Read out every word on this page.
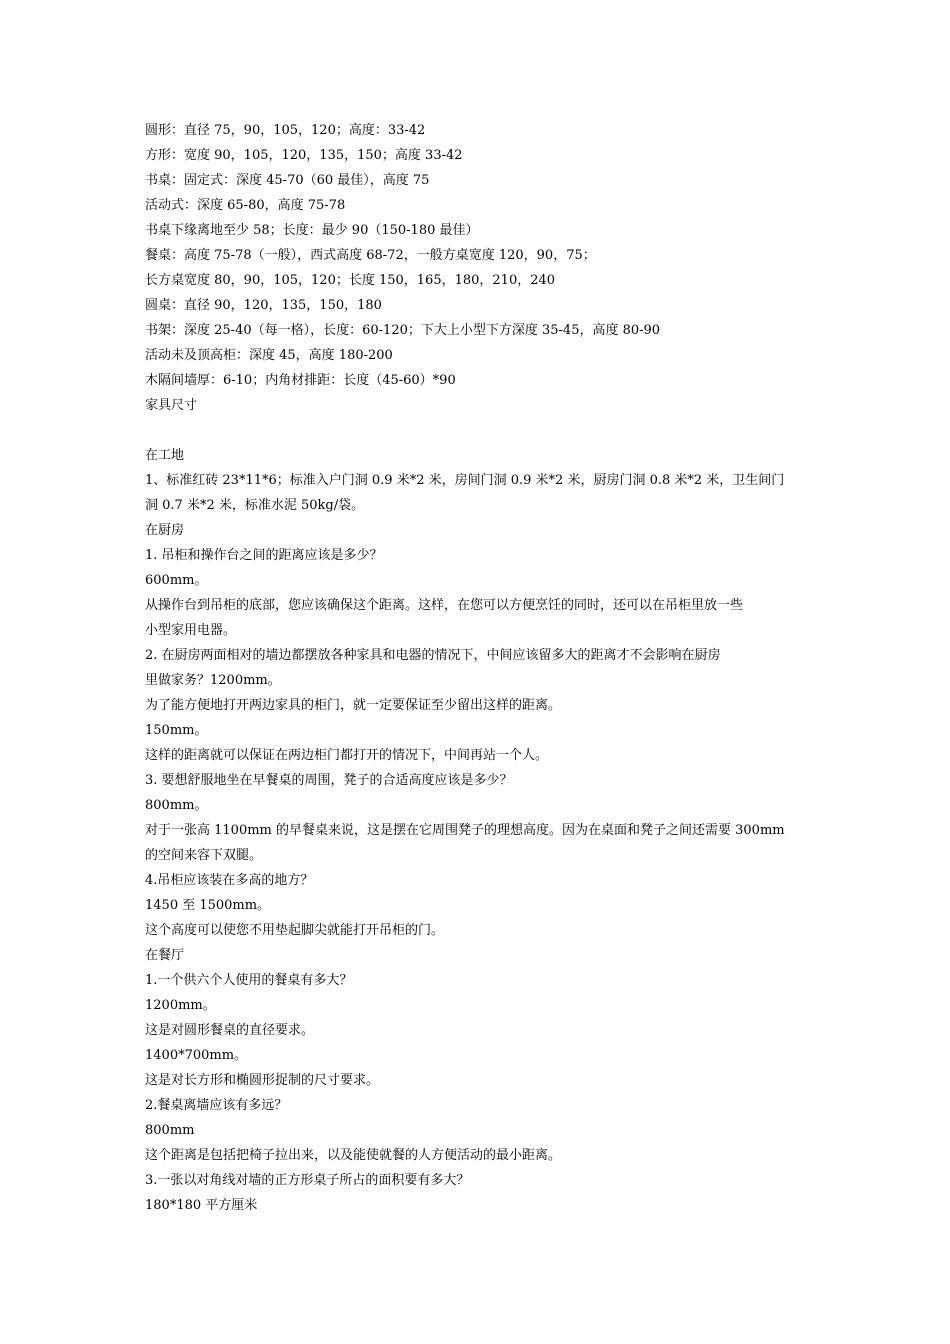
圆形：直径 75，90，105，120；高度：33-42
方形：宽度 90，105，120，135，150；高度 33-42
书桌：固定式：深度 45-70（60 最佳），高度 75
活动式：深度 65-80，高度 75-78
书桌下缘离地至少 58；长度：最少 90（150-180 最佳）
餐桌：高度 75-78（一般），西式高度 68-72，一般方桌宽度 120，90，75；
长方桌宽度 80，90，105，120；长度 150，165，180，210，240
圆桌：直径 90，120，135，150，180
书架：深度 25-40（每一格），长度：60-120；下大上小型下方深度 35-45，高度 80-90
活动未及顶高柜：深度 45，高度 180-200
木隔间墙厚：6-10；内角材排距：长度（45-60）*90
家具尺寸
在工地
1、标准红砖 23*11*6；标准入户门洞 0.9 米*2 米，房间门洞 0.9 米*2 米，厨房门洞 0.8 米*2 米，卫生间门
洞 0.7 米*2 米，标准水泥 50kg/袋。
在厨房
1. 吊柜和操作台之间的距离应该是多少？
600mm。
从操作台到吊柜的底部，您应该确保这个距离。这样，在您可以方便烹饪的同时，还可以在吊柜里放一些
小型家用电器。
2. 在厨房两面相对的墙边都摆放各种家具和电器的情况下，中间应该留多大的距离才不会影响在厨房
里做家务？1200mm。
为了能方便地打开两边家具的柜门，就一定要保证至少留出这样的距离。
150mm。
这样的距离就可以保证在两边柜门都打开的情况下，中间再站一个人。
3. 要想舒服地坐在早餐桌的周围，凳子的合适高度应该是多少？
800mm。
对于一张高 1100mm 的早餐桌来说，这是摆在它周围凳子的理想高度。因为在桌面和凳子之间还需要 300mm
的空间来容下双腿。
4.吊柜应该装在多高的地方？
1450 至 1500mm。
这个高度可以使您不用垫起脚尖就能打开吊柜的门。
在餐厅
1.一个供六个人使用的餐桌有多大？
1200mm。
这是对圆形餐桌的直径要求。
1400*700mm。
这是对长方形和椭圆形捉制的尺寸要求。
2.餐桌离墙应该有多远？
800mm
这个距离是包括把椅子拉出来，以及能使就餐的人方便活动的最小距离。
3.一张以对角线对墙的正方形桌子所占的面积要有多大？
180*180 平方厘米
